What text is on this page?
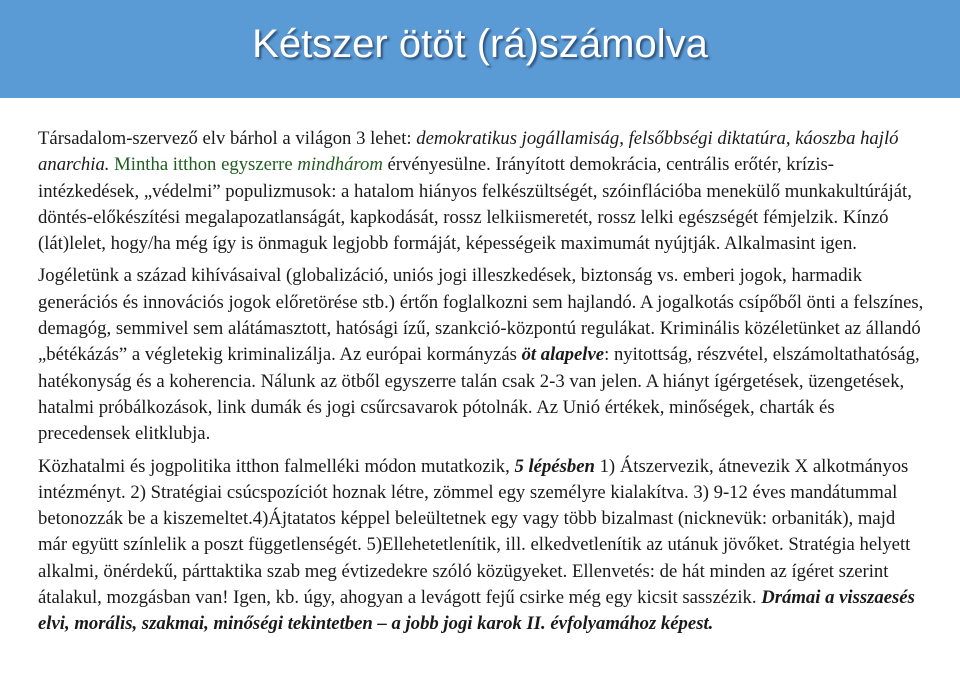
Kétszer ötöt (rá)számolva

Társadalom-szervező elv bárhol a világon 3 lehet: demokratikus jogállamiság, felsőbbségi diktatúra, káoszba hajló anarchia. Mintha itthon egyszerre mindhárom érvényesülne. Irányított demokrácia, centrális erőtér, krízis-intézkedések, „védelmi” populizmusok: a hatalom hiányos felkészültségét, szóinflációba menekülő munkakultúráját, döntés-előkészítési megalapozatlanságát, kapkodását, rossz lelkiismeretét, rossz lelki egészségét fémjelzik. Kínzó (lát)lelet, hogy/ha még így is önmaguk legjobb formáját, képességeik maximumát nyújtják. Alkalmasint igen.

Jogéletünk a század kihívásaival (globalizáció, uniós jogi illeszkedések, biztonság vs. emberi jogok, harmadik generációs és innovációs jogok előretörése stb.) értőn foglalkozni sem hajlandó. A jogalkotás csípőből önti a felszínes, demagóg, semmivel sem alátámasztott, hatósági ízű, szankció-központú regulákat. Kriminális közéletünket az állandó „bétékázás” a végletekig kriminalizálja. Az európai kormányzás öt alapelve: nyitottság, részvétel, elszámoltathatóság, hatékonyság és a koherencia. Nálunk az ötből egyszerre talán csak 2-3 van jelen. A hiányt ígérgetések, üzengetések, hatalmi próbálkozások, link dumák és jogi csűrcsavarok pótolnák. Az Unió értékek, minőségek, charták és precedensek elitklubja.

Közhatalmi és jogpolitika itthon falmelléki módon mutatkozik, 5 lépésben 1) Átszervezik, átnevezik X alkotmányos intézményt. 2) Stratégiai csúcspozíciót hoznak létre, zömmel egy személyre kialakítva. 3) 9-12 éves mandátummal betonozzák be a kiszemeltet.4)Ájtatatos képpel beleültetnek egy vagy több bizalmast (nicknevük: orbaniták), majd már együtt színlelik a poszt függetlenségét. 5)Ellehetetlenítik, ill. elkedvetlenítik az utánuk jövőket. Stratégia helyett alkalmi, önérdekű, párttaktika szab meg évtizedekre szóló közügyeket. Ellenvetés: de hát minden az ígéret szerint átalakul, mozgásban van! Igen, kb. úgy, ahogyan a levágott fejű csirke még egy kicsit sasszézik. Drámai a visszaesés elvi, morális, szakmai, minőségi tekintetben – a jobb jogi karok II. évfolyamához képest.
